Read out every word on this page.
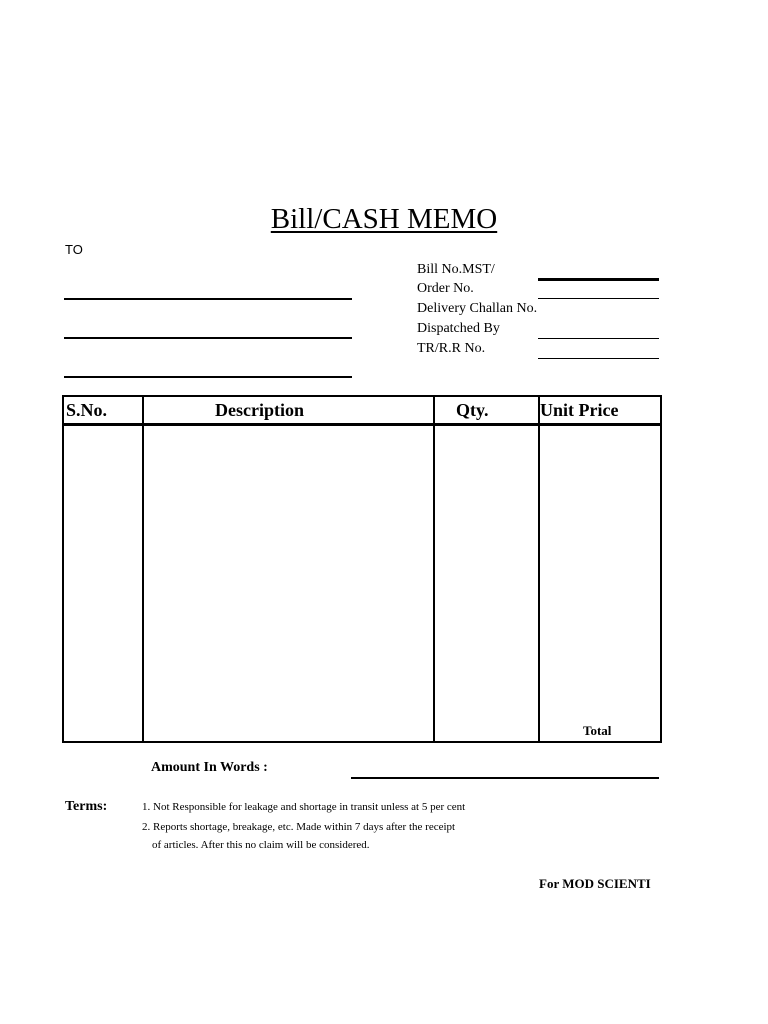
Bill/CASH MEMO
TO
Bill No.MST/
Order No.
Delivery Challan No.
Dispatched By
TR/R.R No.
S.No.	Description	Qty.	Unit Price
Total
Amount In Words :
Terms:	1. Not Responsible for leakage and shortage in transit unless at 5 per cent
2. Reports shortage, breakage, etc. Made within 7 days after the receipt
of articles. After this no claim will be considered.
For MOD SCIENTI
